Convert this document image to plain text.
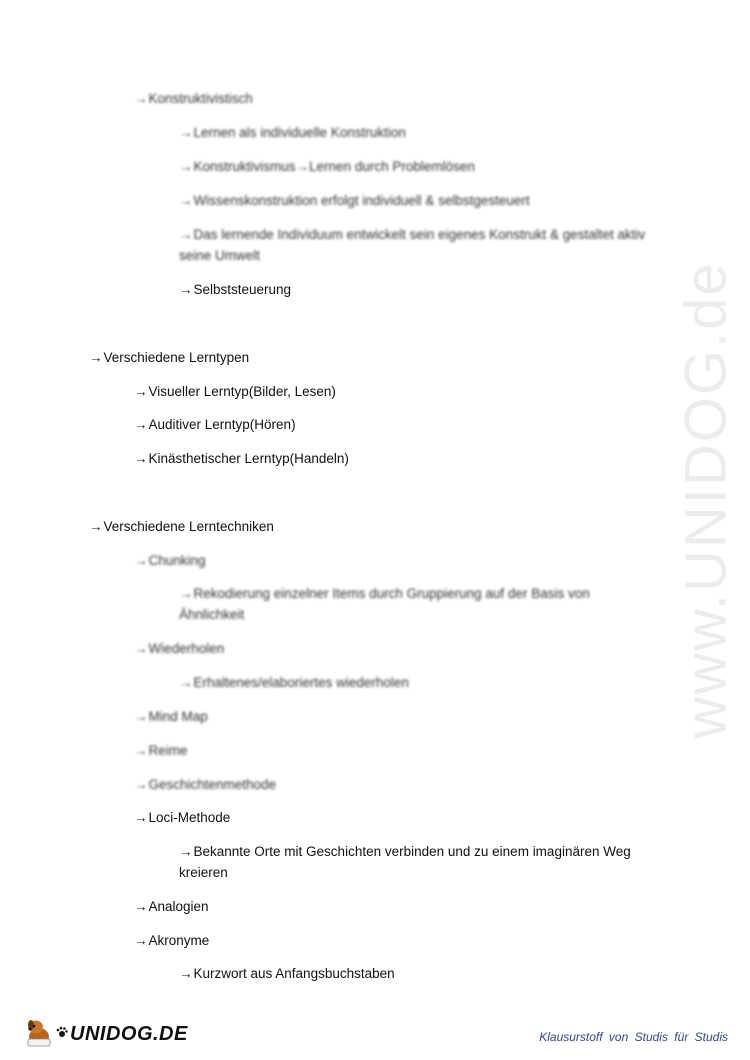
www.UNIDOG.de
→Konstruktivistisch
→Lernen als individuelle Konstruktion
→Konstruktivismus→Lernen durch Problemlösen
→Wissenskonstruktion erfolgt individuell & selbstgesteuert
→Das lernende Individuum entwickelt sein eigenes Konstrukt & gestaltet aktiv seine Umwelt
→Selbststeuerung
→Verschiedene Lerntypen
→Visueller Lerntyp(Bilder, Lesen)
→Auditiver Lerntyp(Hören)
→Kinästhetischer Lerntyp(Handeln)
→Verschiedene Lerntechniken
→Chunking
→Rekodierung einzelner Items durch Gruppierung auf der Basis von Ähnlichkeit
→Wiederholen
→Erhaltenes/elaboriertes wiederholen
→Mind Map
→Reime
→Geschichtenmethode
→Loci-Methode
→Bekannte Orte mit Geschichten verbinden und zu einem imaginären Weg kreieren
→Analogien
→Akronyme
→Kurzwort aus Anfangsbuchstaben
UNIDOG.DE	Klausurstoff von Studis für Studis
